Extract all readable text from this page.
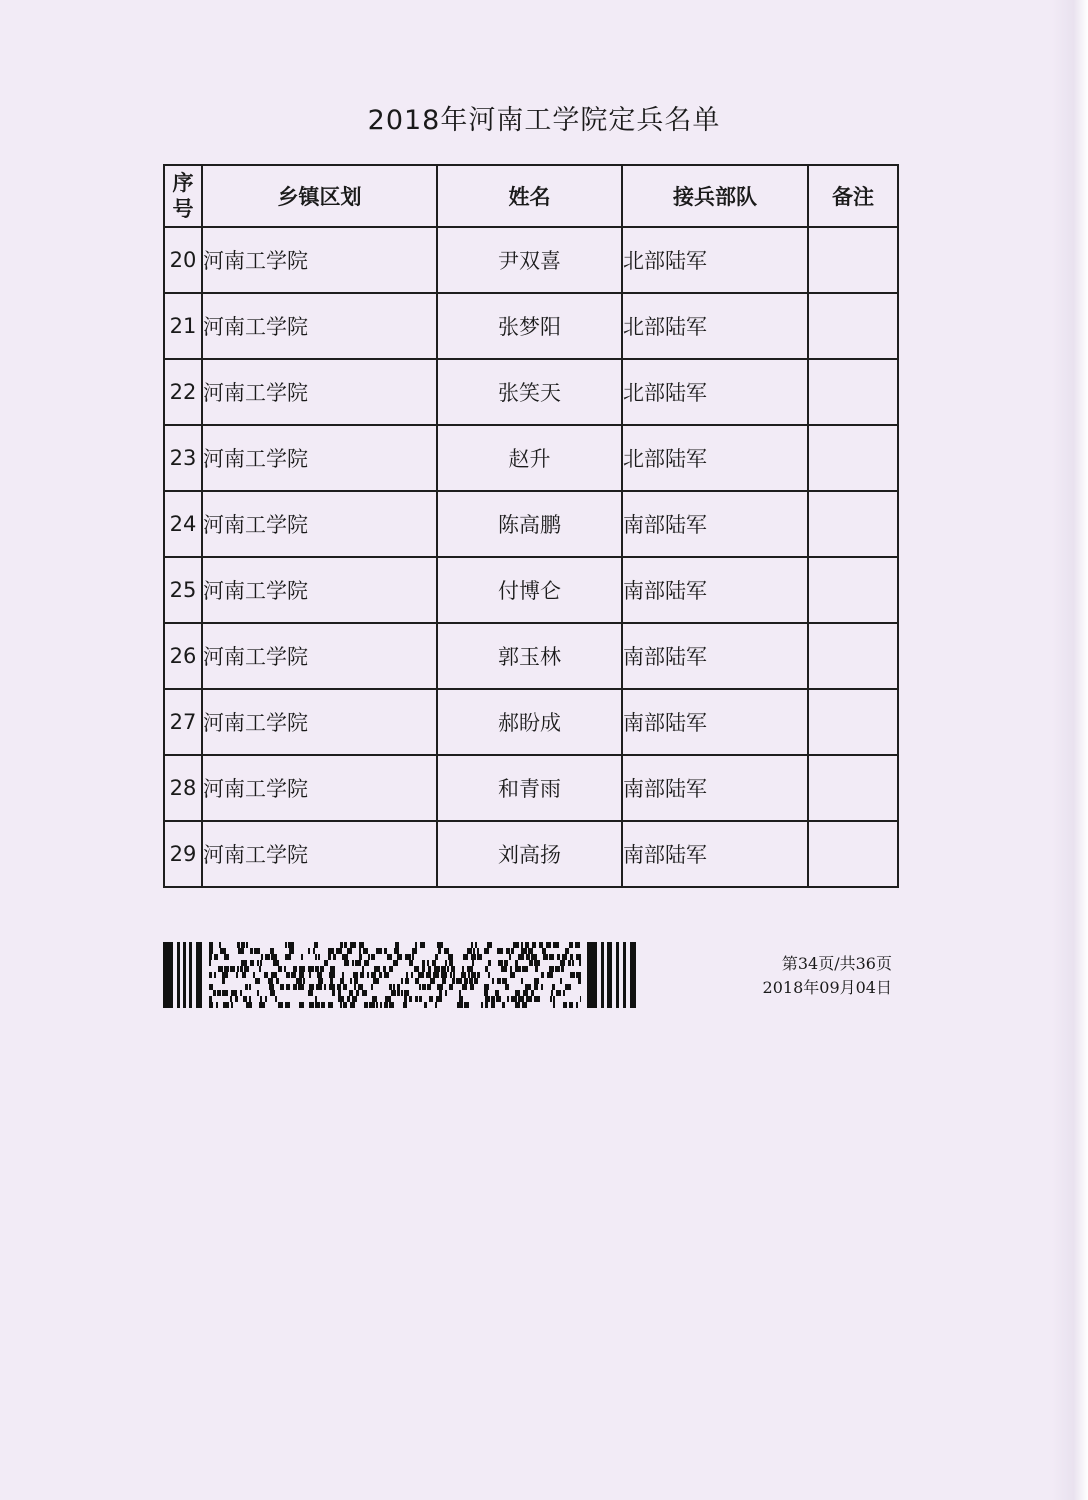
2018年河南工学院定兵名单
序号	乡镇区划	姓名	接兵部队	备注
20	河南工学院	尹双喜	北部陆军	
21	河南工学院	张梦阳	北部陆军	
22	河南工学院	张笑天	北部陆军	
23	河南工学院	赵升	北部陆军	
24	河南工学院	陈高鹏	南部陆军	
25	河南工学院	付博仑	南部陆军	
26	河南工学院	郭玉林	南部陆军	
27	河南工学院	郝盼成	南部陆军	
28	河南工学院	和青雨	南部陆军	
29	河南工学院	刘高扬	南部陆军	
第34页/共36页
2018年09月04日
